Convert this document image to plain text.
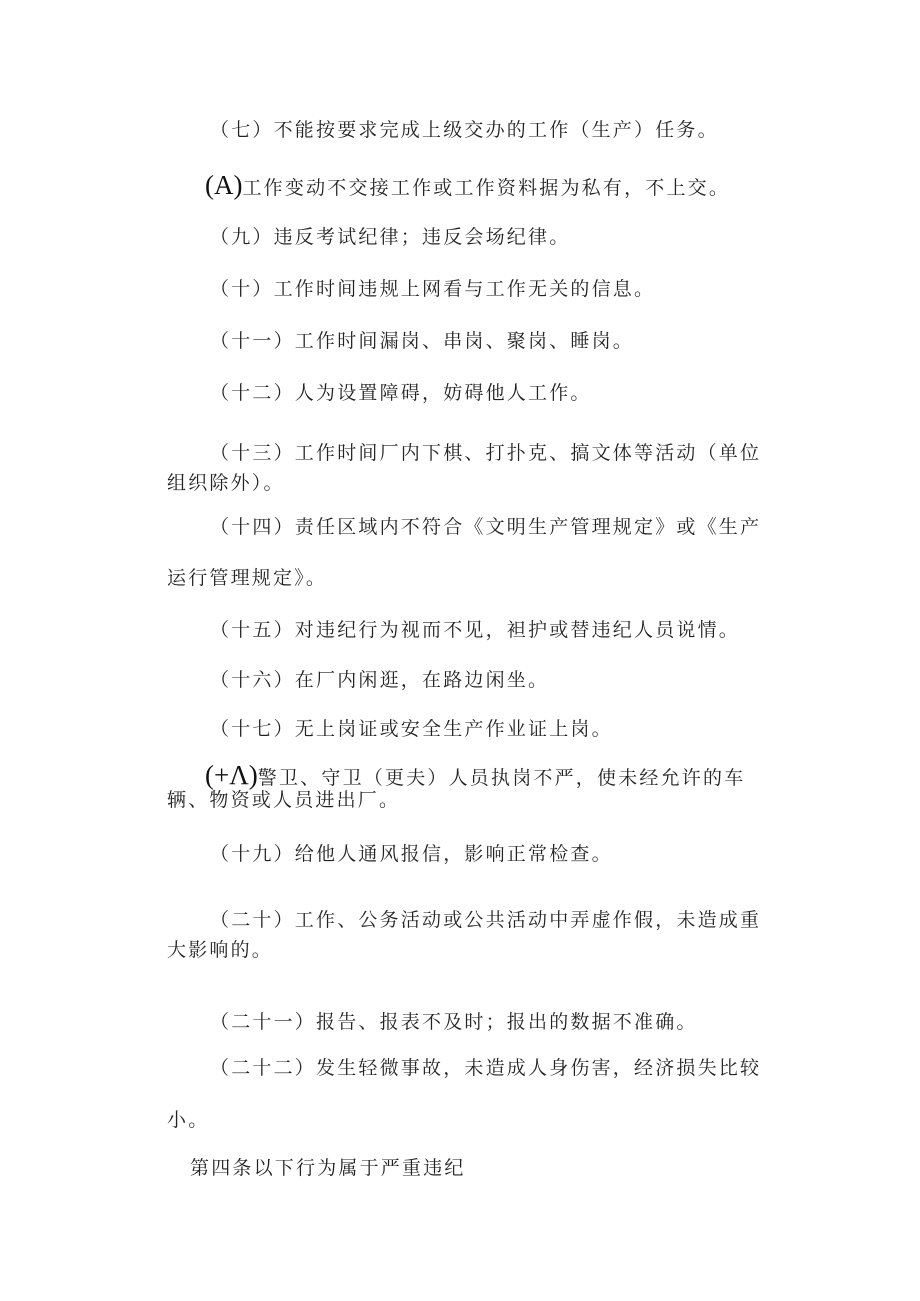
（七）不能按要求完成上级交办的工作（生产）任务。
(A)工作变动不交接工作或工作资料据为私有，不上交。
（九）违反考试纪律；违反会场纪律。
（十）工作时间违规上网看与工作无关的信息。
（十一）工作时间漏岗、串岗、聚岗、睡岗。
（十二）人为设置障碍，妨碍他人工作。
（十三）工作时间厂内下棋、打扑克、搞文体等活动（单位
组织除外）。
（十四）责任区域内不符合《文明生产管理规定》或《生产
运行管理规定》。
（十五）对违纪行为视而不见，袒护或替违纪人员说情。
（十六）在厂内闲逛，在路边闲坐。
（十七）无上岗证或安全生产作业证上岗。
(+Λ)警卫、守卫（更夫）人员执岗不严，使未经允许的车
辆、物资或人员进出厂。
（十九）给他人通风报信，影响正常检查。
（二十）工作、公务活动或公共活动中弄虚作假，未造成重
大影响的。
（二十一）报告、报表不及时；报出的数据不准确。
（二十二）发生轻微事故，未造成人身伤害，经济损失比较
小。
第四条以下行为属于严重违纪
